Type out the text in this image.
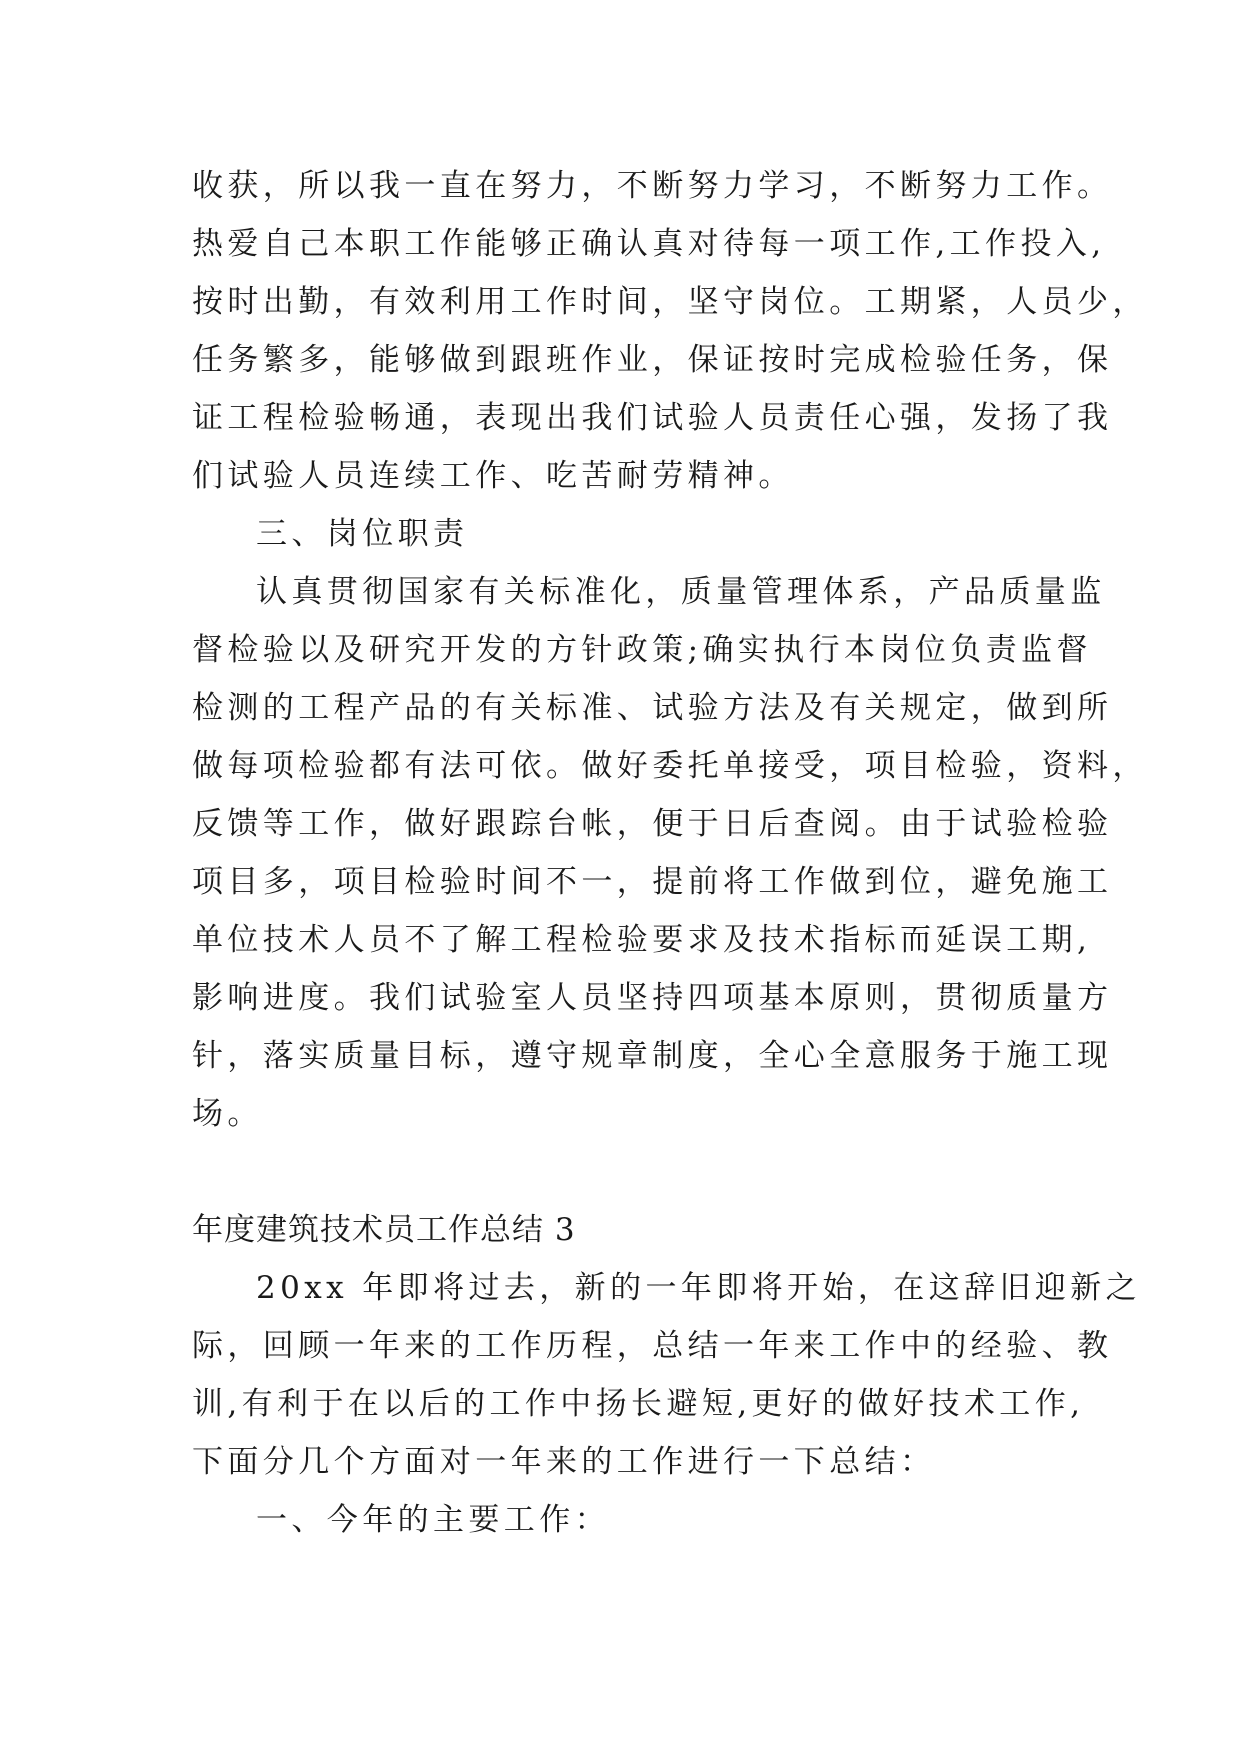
收获，所以我一直在努力，不断努力学习，不断努力工作。
热爱自己本职工作能够正确认真对待每一项工作,工作投入,
按时出勤，有效利用工作时间，坚守岗位。工期紧，人员少，
任务繁多，能够做到跟班作业，保证按时完成检验任务，保
证工程检验畅通，表现出我们试验人员责任心强，发扬了我
们试验人员连续工作、吃苦耐劳精神。
三、岗位职责
认真贯彻国家有关标准化，质量管理体系，产品质量监
督检验以及研究开发的方针政策;确实执行本岗位负责监督
检测的工程产品的有关标准、试验方法及有关规定，做到所
做每项检验都有法可依。做好委托单接受，项目检验，资料，
反馈等工作，做好跟踪台帐，便于日后查阅。由于试验检验
项目多，项目检验时间不一，提前将工作做到位，避免施工
单位技术人员不了解工程检验要求及技术指标而延误工期,
影响进度。我们试验室人员坚持四项基本原则，贯彻质量方
针，落实质量目标，遵守规章制度，全心全意服务于施工现
场。
年度建筑技术员工作总结 3
20xx 年即将过去，新的一年即将开始，在这辞旧迎新之
际，回顾一年来的工作历程，总结一年来工作中的经验、教
训,有利于在以后的工作中扬长避短,更好的做好技术工作,
下面分几个方面对一年来的工作进行一下总结：
一、今年的主要工作：
